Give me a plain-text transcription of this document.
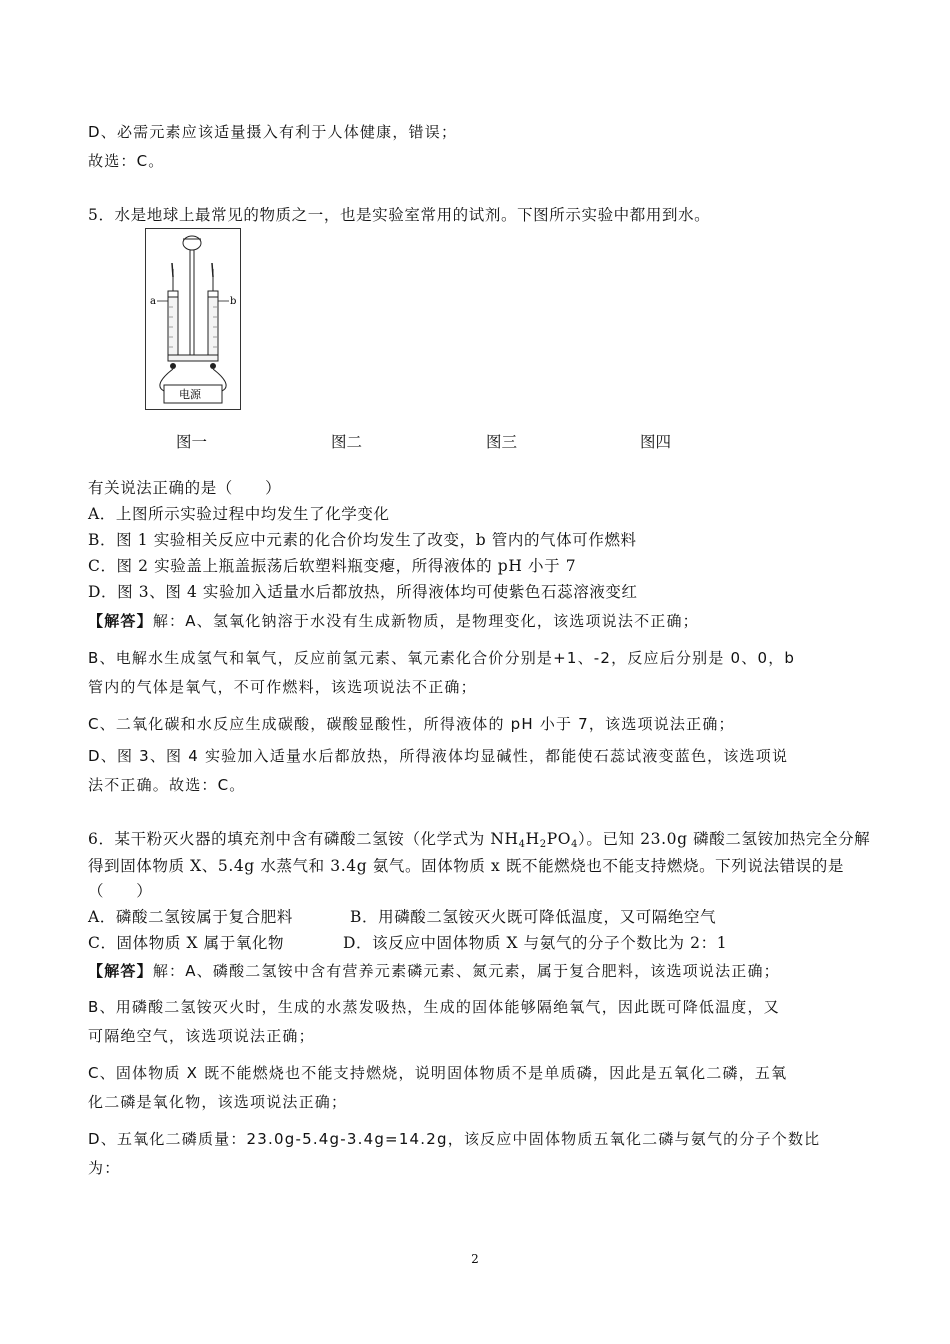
D、必需元素应该适量摄入有利于人体健康，错误；
故选：C。
5．水是地球上最常见的物质之一，也是实验室常用的试剂。下图所示实验中都用到水。
a	b
电源
图一	图二	图三	图四
有关说法正确的是（　　）
A．上图所示实验过程中均发生了化学变化
B．图 1 实验相关反应中元素的化合价均发生了改变，b 管内的气体可作燃料
C．图 2 实验盖上瓶盖振荡后软塑料瓶变瘪，所得液体的 pH 小于 7
D．图 3、图 4 实验加入适量水后都放热，所得液体均可使紫色石蕊溶液变红
【解答】解：A、氢氧化钠溶于水没有生成新物质，是物理变化，该选项说法不正确；
B、电解水生成氢气和氧气，反应前氢元素、氧元素化合价分别是+1、-2，反应后分别是 0、0，b
管内的气体是氧气，不可作燃料，该选项说法不正确；
C、二氧化碳和水反应生成碳酸，碳酸显酸性，所得液体的 pH 小于 7，该选项说法正确；
D、图 3、图 4 实验加入适量水后都放热，所得液体均显碱性，都能使石蕊试液变蓝色，该选项说
法不正确。故选：C。
6．某干粉灭火器的填充剂中含有磷酸二氢铵（化学式为 $NH_4H_2PO_4$）。已知 23.0g 磷酸二氢铵加热完全分解
得到固体物质 X、5.4g 水蒸气和 3.4g 氨气。固体物质 x 既不能燃烧也不能支持燃烧。下列说法错误的是
（　　）
A．磷酸二氢铵属于复合肥料	B．用磷酸二氢铵灭火既可降低温度，又可隔绝空气
C．固体物质 X 属于氧化物	D．该反应中固体物质 X 与氨气的分子个数比为 2：1
【解答】解：A、磷酸二氢铵中含有营养元素磷元素、氮元素，属于复合肥料，该选项说法正确；
B、用磷酸二氢铵灭火时，生成的水蒸发吸热，生成的固体能够隔绝氧气，因此既可降低温度，又
可隔绝空气，该选项说法正确；
C、固体物质 X 既不能燃烧也不能支持燃烧，说明固体物质不是单质磷，因此是五氧化二磷，五氧
化二磷是氧化物，该选项说法正确；
D、五氧化二磷质量：23.0g-5.4g-3.4g=14.2g，该反应中固体物质五氧化二磷与氨气的分子个数比
为：
2
